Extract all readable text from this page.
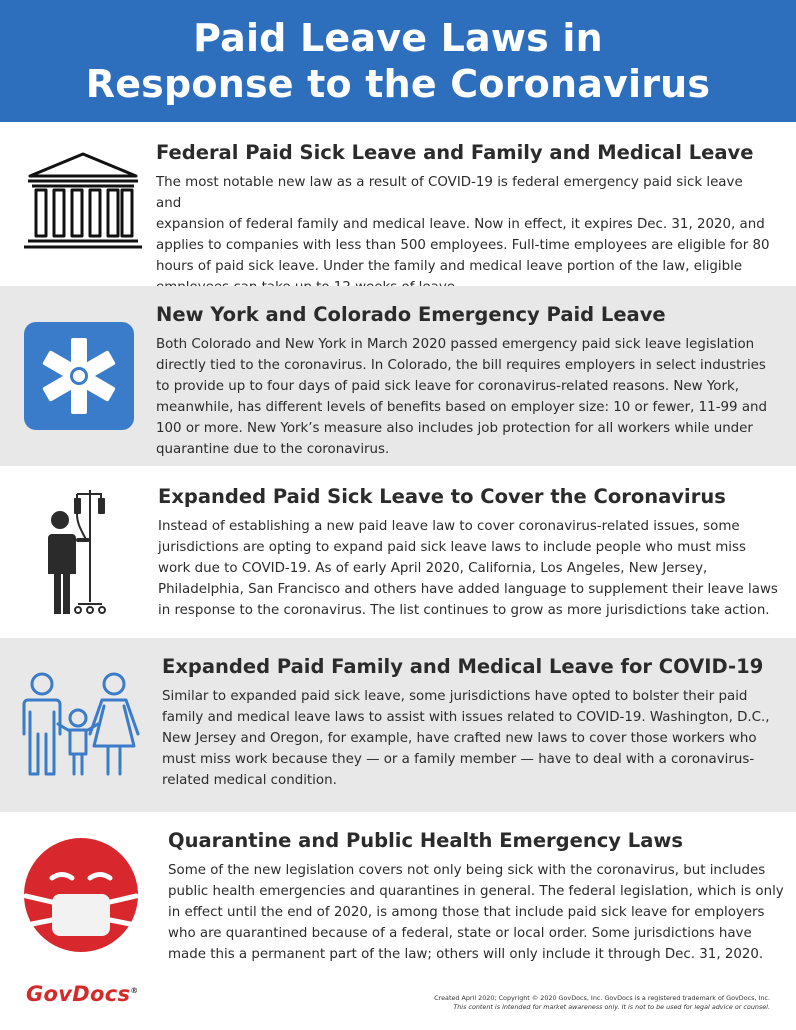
Paid Leave Laws in
Response to the Coronavirus
Federal Paid Sick Leave and Family and Medical Leave

The most notable new law as a result of COVID-19 is federal emergency paid sick leave and
expansion of federal family and medical leave. Now in effect, it expires Dec. 31, 2020, and
applies to companies with less than 500 employees. Full-time employees are eligible for 80
hours of paid sick leave. Under the family and medical leave portion of the law, eligible

New York and Colorado Emergency Paid Leave

Both Colorado and New York in March 2020 passed emergency paid sick leave legislation
directly tied to the coronavirus. In Colorado, the bill requires employers in select industries
to provide up to four days of paid sick leave for coronavirus-related reasons. New York,
meanwhile, has different levels of benefits based on employer size: 10 or fewer, 11-99 and
100 or more. New York’s measure also includes job protection for all workers while under
quarantine due to the coronavirus.

Expanded Paid Sick Leave to Cover the Coronavirus

Instead of establishing a new paid leave law to cover coronavirus-related issues, some
jurisdictions are opting to expand paid sick leave laws to include people who must miss
work due to COVID-19. As of early April 2020, California, Los Angeles, New Jersey,
Philadelphia, San Francisco and others have added language to supplement their leave laws
in response to the coronavirus. The list continues to grow as more jurisdictions take action.

Expanded Paid Family and Medical Leave for COVID-19

Similar to expanded paid sick leave, some jurisdictions have opted to bolster their paid
family and medical leave laws to assist with issues related to COVID-19. Washington, D.C.,
New Jersey and Oregon, for example, have crafted new laws to cover those workers who
must miss work because they — or a family member — have to deal with a coronavirus-
related medical condition.

Quarantine and Public Health Emergency Laws

Some of the new legislation covers not only being sick with the coronavirus, but includes
public health emergencies and quarantines in general. The federal legislation, which is only
in effect until the end of 2020, is among those that include paid sick leave for employers
who are quarantined because of a federal, state or local order. Some jurisdictions have
made this a permanent part of the law; others will only include it through Dec. 31, 2020.

GovDocs®
Created April 2020; Copyright © 2020 GovDocs, Inc. GovDocs is a registered trademark of GovDocs, Inc.
This content is intended for market awareness only. It is not to be used for legal advice or counsel.
